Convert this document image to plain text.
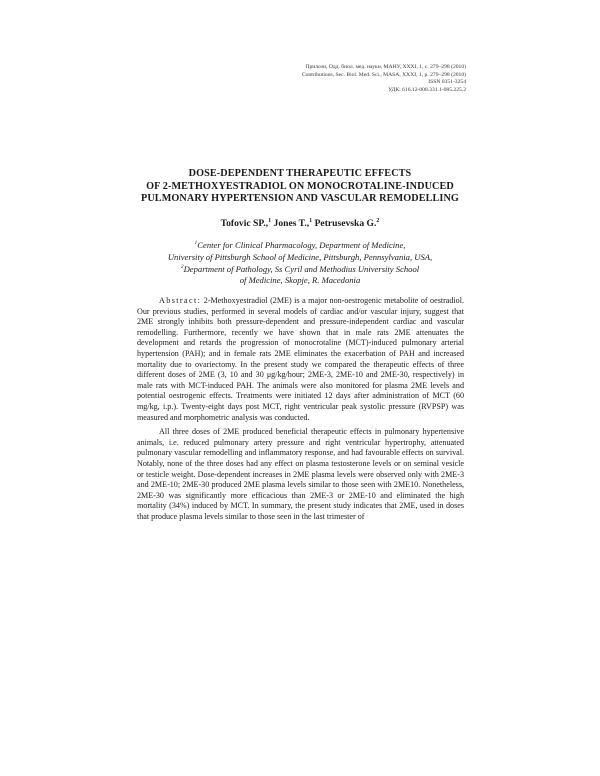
Прилози, Одд. биол. мед. науки, МАНУ, XXXI, 1, с. 279–298 (2010)
Contributions, Sec. Biol. Med. Sci., MASA, XXXI, 1, p. 279–298 (2010)
ISSN 0351-3254
УДК: 616.12-008.331.1-085.225.2
DOSE-DEPENDENT THERAPEUTIC EFFECTS
OF 2-METHOXYESTRADIOL ON MONOCROTALINE-INDUCED
PULMONARY HYPERTENSION AND VASCULAR REMODELLING
Tofovic SP.,$^1$ Jones T.,$^1$ Petrusevska G.$^2$
$^1$Center for Clinical Pharmacology, Department of Medicine,
University of Pittsburgh School of Medicine, Pittsburgh, Pennsylvania, USA,
$^2$Department of Pathology, Ss Cyril and Methodius University School
of Medicine, Skopje, R. Macedonia

Abstract: 2-Methoxyestradiol (2ME) is a major non-oestrogenic metabolite of oestradiol. Our previous studies, performed in several models of cardiac and/or vascular injury, suggest that 2ME strongly inhibits both pressure-dependent and pressure-independent cardiac and vascular remodelling. Furthermore, recently we have shown that in male rats 2ME attenuates the development and retards the progression of monocrotaline (MCT)-induced pulmonary arterial hypertension (PAH); and in female rats 2ME eliminates the exacerbation of PAH and increased mortality due to ovariectomy. In the present study we compared the therapeutic effects of three different doses of 2ME (3, 10 and 30 μg/kg/hour; 2ME-3, 2ME-10 and 2ME-30, respectively) in male rats with MCT-induced PAH. The animals were also monitored for plasma 2ME levels and potential oestrogenic effects. Treatments were initiated 12 days after administration of MCT (60 mg/kg, i.p.). Twenty-eight days post MCT, right ventricular peak systolic pressure (RVPSP) was measured and morphometric analysis was conducted.

All three doses of 2ME produced beneficial therapeutic effects in pulmonary hypertensive animals, i.e. reduced pulmonary artery pressure and right ventricular hypertrophy, attenuated pulmonary vascular remodelling and inflammatory response, and had favourable effects on survival. Notably, none of the three doses had any effect on plasma testosterone levels or on seminal vesicle or testicle weight. Dose-dependent increases in 2ME plasma levels were observed only with 2ME-3 and 2ME-10; 2ME-30 produced 2ME plasma levels similar to those seen with 2ME10. Nonetheless, 2ME-30 was significantly more efficacious than 2ME-3 or 2ME-10 and eliminated the high mortality (34%) induced by MCT. In summary, the present study indicates that 2ME, used in doses that produce plasma levels similar to those seen in the last trimester of
